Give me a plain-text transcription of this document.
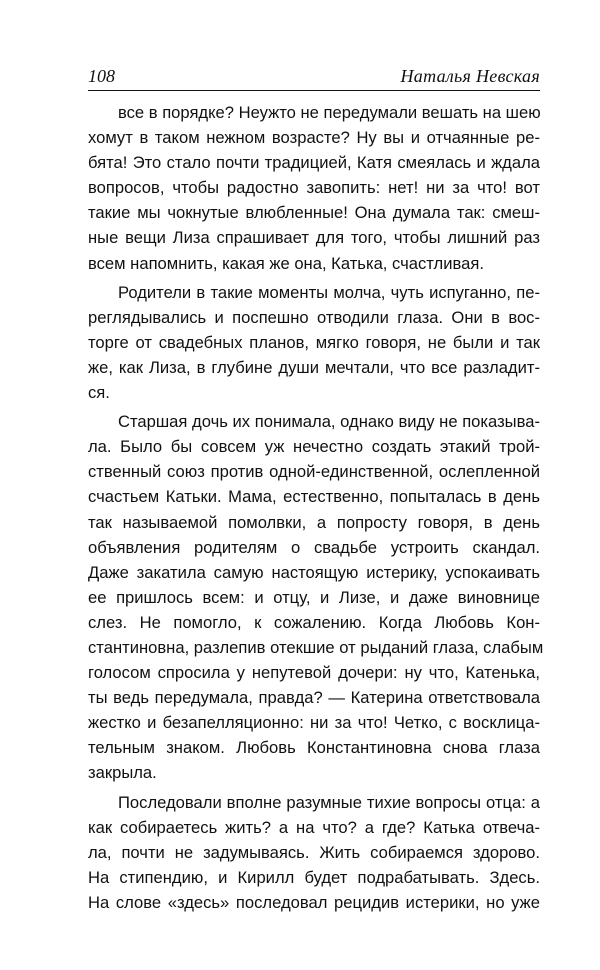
108	Наталья Невская
все в порядке? Неужто не передумали вешать на шею
хомут в таком нежном возрасте? Ну вы и отчаянные ре-
бята! Это стало почти традицией, Катя смеялась и ждала
вопросов, чтобы радостно завопить: нет! ни за что! вот
такие мы чокнутые влюбленные! Она думала так: смеш-
ные вещи Лиза спрашивает для того, чтобы лишний раз
всем напомнить, какая же она, Катька, счастливая.
Родители в такие моменты молча, чуть испуганно, пе-
реглядывались и поспешно отводили глаза. Они в вос-
торге от свадебных планов, мягко говоря, не были и так
же, как Лиза, в глубине души мечтали, что все разладит-
ся.
Старшая дочь их понимала, однако виду не показыва-
ла. Было бы совсем уж нечестно создать этакий трой-
ственный союз против одной-единственной, ослепленной
счастьем Катьки. Мама, естественно, попыталась в день
так называемой помолвки, а попросту говоря, в день
объявления родителям о свадьбе устроить скандал.
Даже закатила самую настоящую истерику, успокаивать
ее пришлось всем: и отцу, и Лизе, и даже виновнице
слез. Не помогло, к сожалению. Когда Любовь Кон-
стантиновна, разлепив отекшие от рыданий глаза, слабым
голосом спросила у непутевой дочери: ну что, Катенька,
ты ведь передумала, правда? — Катерина ответствовала
жестко и безапелляционно: ни за что! Четко, с восклица-
тельным знаком. Любовь Константиновна снова глаза
закрыла.
Последовали вполне разумные тихие вопросы отца: а
как собираетесь жить? а на что? а где? Катька отвеча-
ла, почти не задумываясь. Жить собираемся здорово.
На стипендию, и Кирилл будет подрабатывать. Здесь.
На слове «здесь» последовал рецидив истерики, но уже
